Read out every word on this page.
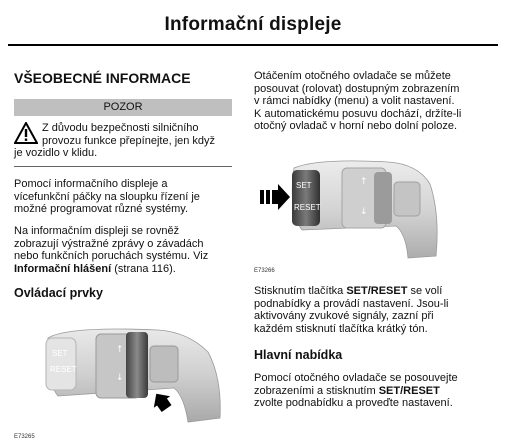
Informační displeje
VŠEOBECNÉ INFORMACE
POZOR
Z důvodu bezpečnosti silničního
provozu funkce přepínejte, jen když
je vozidlo v klidu.

Pomocí informačního displeje a

vícefunkční páčky na sloupku řízení je

možné programovat různé systémy.

Na informačním displeji se rovněž

zobrazují výstražné zprávy o závadách

nebo funkčních poruchách systému. Viz

Informační hlášení (strana 116).

Ovládací prvky
SET
RESET
↑
↓
E73265

Otáčením otočného ovladače se můžete

posouvat (rolovat) dostupným zobrazením

v rámci nabídky (menu) a volit nastavení.

K automatickému posuvu dochází, držíte-li

otočný ovladač v horní nebo dolní poloze.

SET
RESET
↑
↓
E73266

Stisknutím tlačítka SET/RESET se volí

podnabídky a provádí nastavení. Jsou-li

aktivovány zvukové signály, zazní při

každém stisknutí tlačítka krátký tón.

Hlavní nabídka

Pomocí otočného ovladače se posouvejte

zobrazeními a stisknutím SET/RESET

zvolte podnabídku a proveďte nastavení.
